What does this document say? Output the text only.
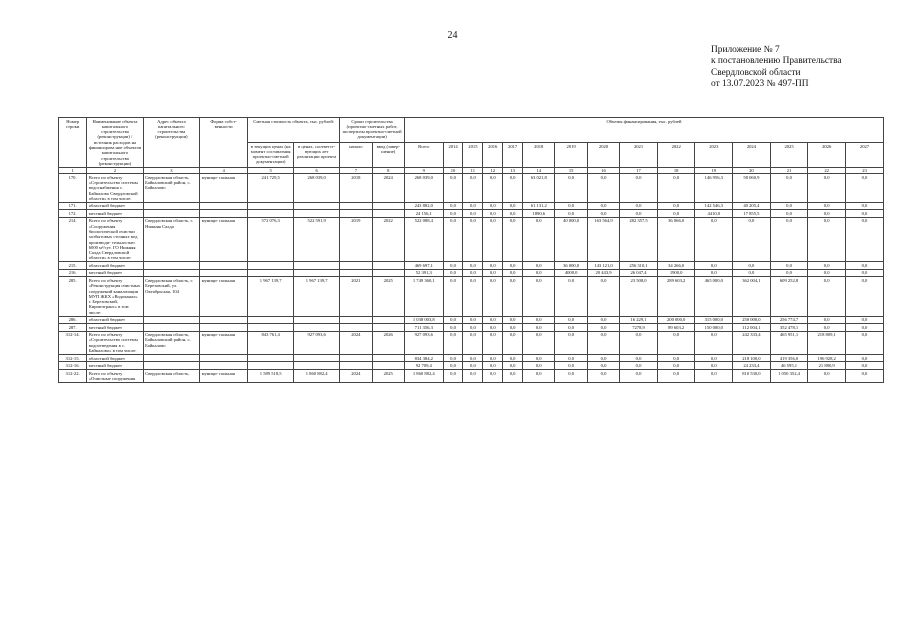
24
Приложение № 7
к постановлению Правительства
Свердловской области
от 13.07.2023 № 497-ПП
Номер строки	Наименование объекта капитального строительства (реконструкции) / источник расходов на финансирова ние объектов капитального строительства (реконструкции)	Адрес объекта капитального строительства (реконструкции)	Форма собст- венности	Сметная стоимость объекта, тыс. рублей:		Сроки строительства (проектно-сметных работ, экспертизы проектно-сметной документации)		Объемы финансирования, тыс. рублей														
				в текущих ценах (на момент составления проектно-сметной документации)	в ценах, соответст- вующих лет реализации проекта	начало	ввод (завер- шение)	Всего	2014	2015	2016	2017	2018	2019	2020	2021	2022	2023	2024	2025	2026	2027
1	2	3	4	5	6	7	8	9	10	11	12	13	14	15	16	17	18	19	20	21	22	23
170.	Всего по объекту «Строительство системы водоснабжения с. Байкалово Свердловской области» в том числе:	Свердловская область, Байкаловский район, с. Байкалово	муници- пальная	241 729,5	268 039,0	2018	2024	268 039,0	0,0	0,0	0,0	0,0	63 021,8	0,0	0,0	0,0	0,0	146 956,3	58 060,9	0,0	0,0	0,0
171.	областной бюджет							243 882,0	0,0	0,0	0,0	0,0	61 131,2	0,0	0,0	0,0	0,0	142 546,3	40 205,4	0,0	0,0	0,0
172.	местный бюджет							24 156,1	0,0	0,0	0,0	0,0	1890,6	0,0	0,0	0,0	0,0	4410,0	17 855,5	0,0	0,0	0,0
214.	Всего по объекту «Сооружения биологической очистки хозбытовых сточных вод производи- тельностью 6000 м³/сут. ГО Нижняя Салда Свердловской области» в том числе:	Свердловская область, г. Нижняя Салда	муници- пальная	572 076,3	522 591,9	2019	2022	522 088,4	0,0	0,0	0,0	0,0	0,0	40 000,0	163 564,9	282 357,5	36 066,0	0,0	0,0	0,0	0,0	0,0
215.	областной бюджет							469 697,1	0,0	0,0	0,0	0,0	0,0	36 000,0	143 121,0	256 310,1	34 266,0	0,0	0,0	0,0	0,0	0,0
216.	местный бюджет							52 391,3	0,0	0,0	0,0	0,0	0,0	4000,0	20 443,9	26 047,4	1900,0	0,0	0,0	0,0	0,0	0,0
285.	Всего по объекту «Реконструкция очистных сооружений канализации МУП ЖКХ «Водоканал» г. Березовский, Кирпичтранс» в том числе:	Свердловская область, г. Березовский, ул. Октябрьская, 104	муници- пальная	1 967 139,7	1 967 139,7	2021	2025	1 749 360,1	0,0	0,0	0,0	0,0	0,0	0,0	0,0	23 508,0	289 603,2	465 000,0	362 004,1	609 252,8	0,0	0,0
286.	областной бюджет							1 038 003,8	0,0	0,0	0,0	0,0	0,0	0,0	0,0	16 229,1	200 000,0	315 000,0	250 000,0	256 774,7	0,0	0,0
287.	местный бюджет							711 356,3	0,0	0,0	0,0	0,0	0,0	0,0	0,0	7278,9	89 603,2	150 000,0	112 004,1	352 478,1	0,0	0,0
312-14.	Всего по объекту «Строительство системы водоотведения в с. Байкалово» в том числе:	Свердловская область, Байкаловский район, с. Байкалово	муници- пальная	843 761,4	927 093,6	2024	2026	927 093,6	0,0	0,0	0,0	0,0	0,0	0,0	0,0	0,0	0,0	0,0	242 333,4	465 951,1	218 809,1	0,0
312-15.	областной бюджет							834 384,2	0,0	0,0	0,0	0,0	0,0	0,0	0,0	0,0	0,0	0,0	218 100,0	419 356,0	196 928,2	0,0
312-16.	местный бюджет							92 709,4	0,0	0,0	0,0	0,0	0,0	0,0	0,0	0,0	0,0	0,0	24 233,4	46 595,1	21 880,9	0,0
312-22.	Всего по объекту «Очистные сооружения	Свердловская область,	муници- пальная	1 589 518,5	1 860 882,4	2024	2025	1 860 882,4	0,0	0,0	0,0	0,0	0,0	0,0	0,0	0,0	0,0	0,0	810 530,0	1 050 352,4	0,0	0,0
